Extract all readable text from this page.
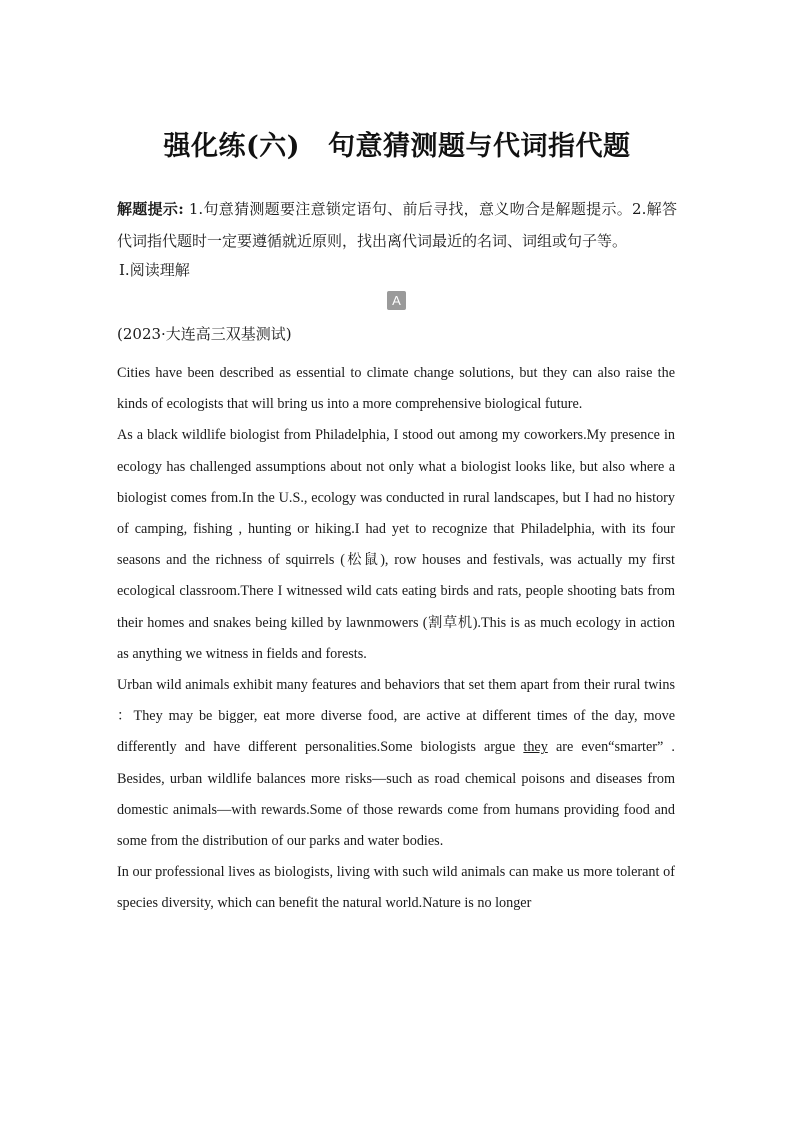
强化练(六) 句意猜测题与代词指代题
解题提示: 1.句意猜测题要注意锁定语句、前后寻找，意义吻合是解题提示。2.解答代词指代题时一定要遵循就近原则，找出离代词最近的名词、词组或句子等。
Ⅰ.阅读理解
A
(2023·大连高三双基测试)

Cities have been described as essential to climate change solutions, but they can also raise the kinds of ecologists that will bring us into a more comprehensive biological future.

As a black wildlife biologist from Philadelphia, I stood out among my coworkers.My presence in ecology has challenged assumptions about not only what a biologist looks like, but also where a biologist comes from.In the U.S., ecology was conducted in rural landscapes, but I had no history of camping, fishing , hunting or hiking.I had yet to recognize that Philadelphia, with its four seasons and the richness of squirrels (松鼠), row houses and festivals, was actually my first ecological classroom.There I witnessed wild cats eating birds and rats, people shooting bats from their homes and snakes being killed by lawnmowers (割草机).This is as much ecology in action as anything we witness in fields and forests.

Urban wild animals exhibit many features and behaviors that set them apart from their rural twins ：They may be bigger, eat more diverse food, are active at different times of the day, move differently and have different personalities.Some biologists argue they are even“smarter” . Besides, urban wildlife balances more risks—such as road chemical poisons and diseases from domestic animals—with rewards.Some of those rewards come from humans providing food and some from the distribution of our parks and water bodies.

In our professional lives as biologists, living with such wild animals can make us more tolerant of species diversity, which can benefit the natural world.Nature is no longer
